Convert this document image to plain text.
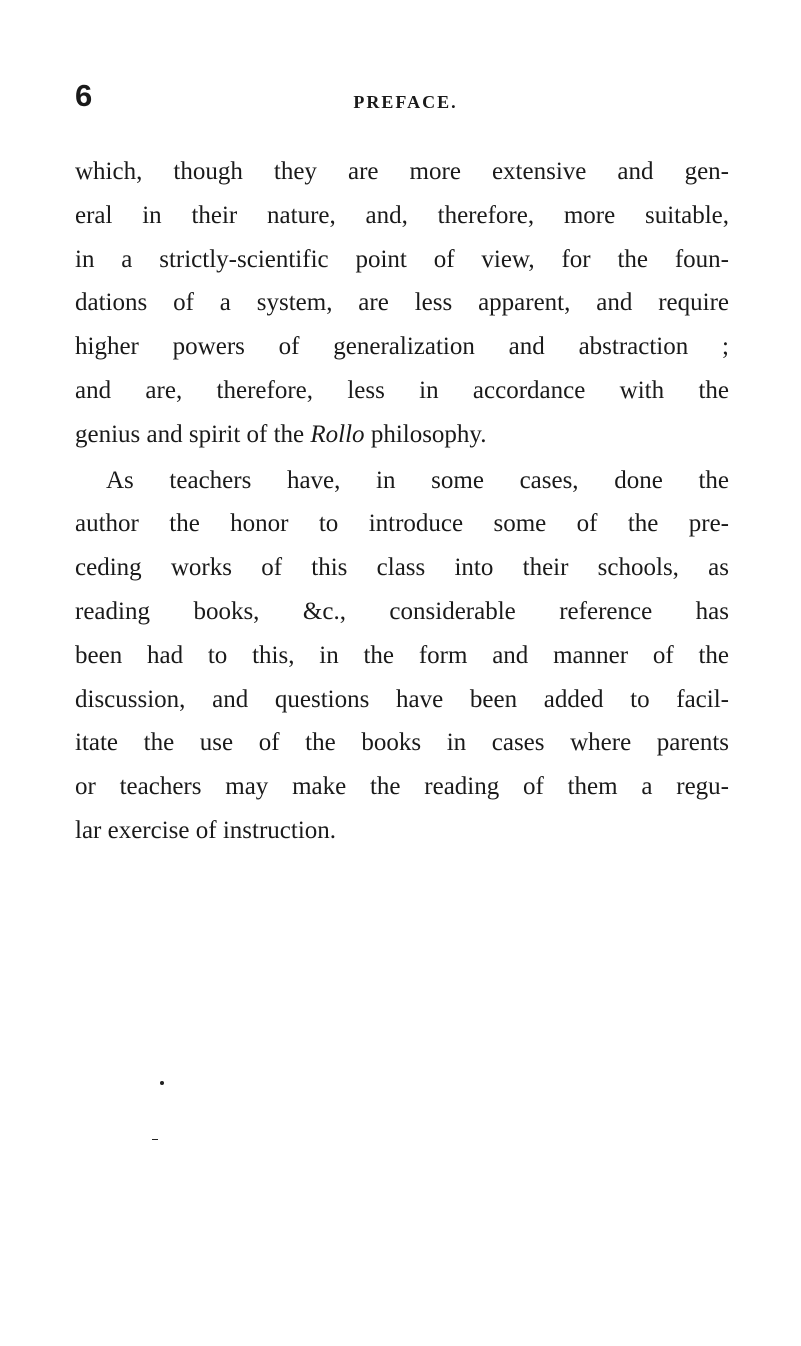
6	PREFACE.
which, though they are more extensive and gen-
eral in their nature, and, therefore, more suitable,
in a strictly-scientific point of view, for the foun-
dations of a system, are less apparent, and require
higher powers of generalization and abstraction ;
and are, therefore, less in accordance with the
genius and spirit of the Rollo philosophy.
As teachers have, in some cases, done the
author the honor to introduce some of the pre-
ceding works of this class into their schools, as
reading books, &c., considerable reference has
been had to this, in the form and manner of the
discussion, and questions have been added to facil-
itate the use of the books in cases where parents
or teachers may make the reading of them a regu-
lar exercise of instruction.
